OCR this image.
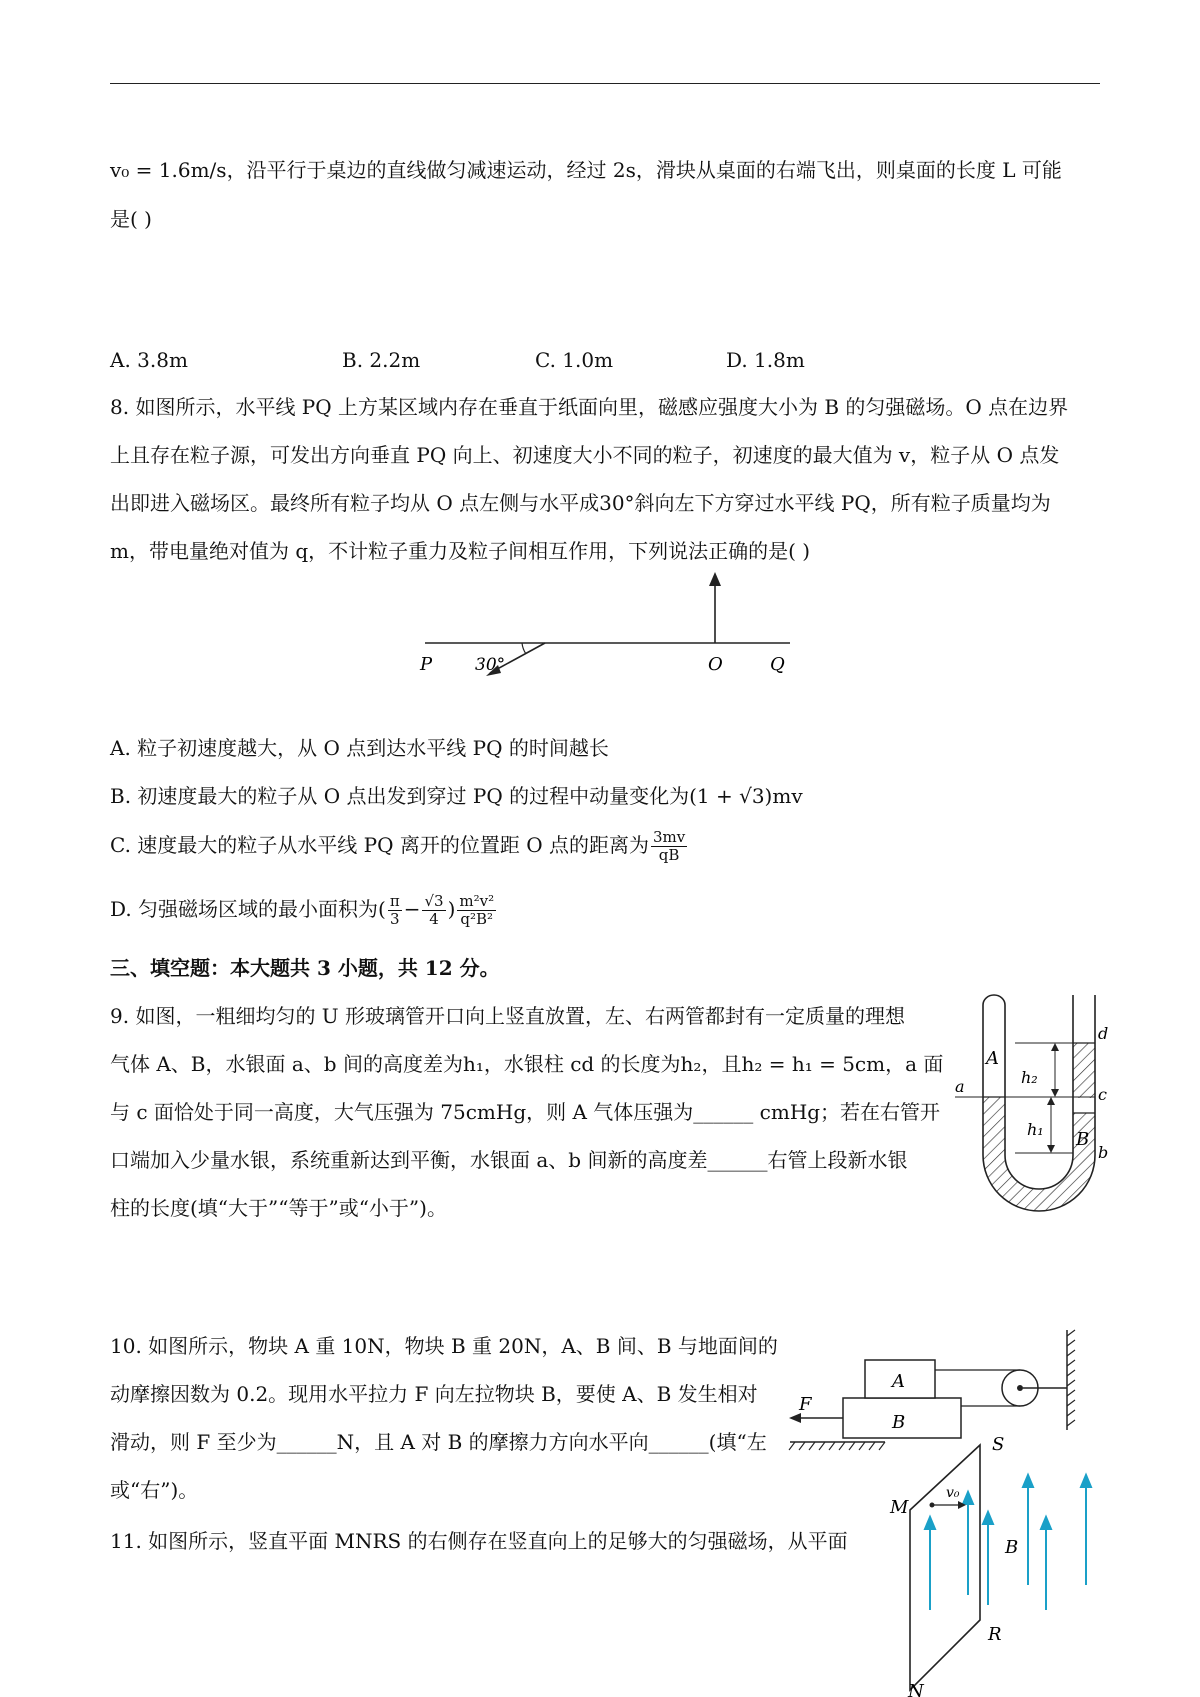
v₀ = 1.6m/s，沿平行于桌边的直线做匀减速运动，经过 2s，滑块从桌面的右端飞出，则桌面的长度 L 可能
是( )
A. 3.8m	B. 2.2m	C. 1.0m	D. 1.8m
8. 如图所示，水平线 PQ 上方某区域内存在垂直于纸面向里，磁感应强度大小为 B 的匀强磁场。O 点在边界
上且存在粒子源，可发出方向垂直 PQ 向上、初速度大小不同的粒子，初速度的最大值为 v，粒子从 O 点发
出即进入磁场区。最终所有粒子均从 O 点左侧与水平成30°斜向左下方穿过水平线 PQ，所有粒子质量均为
m，带电量绝对值为 q，不计粒子重力及粒子间相互作用，下列说法正确的是( )
P	30°	O	Q
A. 粒子初速度越大，从 O 点到达水平线 PQ 的时间越长
B. 初速度最大的粒子从 O 点出发到穿过 PQ 的过程中动量变化为(1 + √3)mv
C. 速度最大的粒子从水平线 PQ 离开的位置距 O 点的距离为 $\frac{3mv}{qB}$
D. 匀强磁场区域的最小面积为( $\frac{\pi}{3} - \frac{√3}{4}$ ) $\frac{\text{m²v²}}{\text{q²B²}}$
三、填空题：本大题共 3 小题，共 12 分。
9. 如图，一粗细均匀的 U 形玻璃管开口向上竖直放置，左、右两管都封有一定质量的理想
气体 A、B，水银面 a、b 间的高度差为h₁，水银柱 cd 的长度为h₂，且h₂ = h₁ = 5cm，a 面
与 c 面恰处于同一高度，大气压强为 75cmHg，则 A 气体压强为______ cmHg；若在右管开
口端加入少量水银，系统重新达到平衡，水银面 a、b 间新的高度差______右管上段新水银
柱的长度(填“大于”“等于”或“小于”)。
A
h₂
h₁ B
a
d
c
b
10. 如图所示，物块 A 重 10N，物块 B 重 20N，A、B 间、B 与地面间的
动摩擦因数为 0.2。现用水平拉力 F 向左拉物块 B，要使 A、B 发生相对
滑动，则 F 至少为______N，且 A 对 B 的摩擦力方向水平向______(填“左
或“右”)。
A
B
F
11. 如图所示，竖直平面 MNRS 的右侧存在竖直向上的足够大的匀强磁场，从平面
S
M
v₀
B
R
N
